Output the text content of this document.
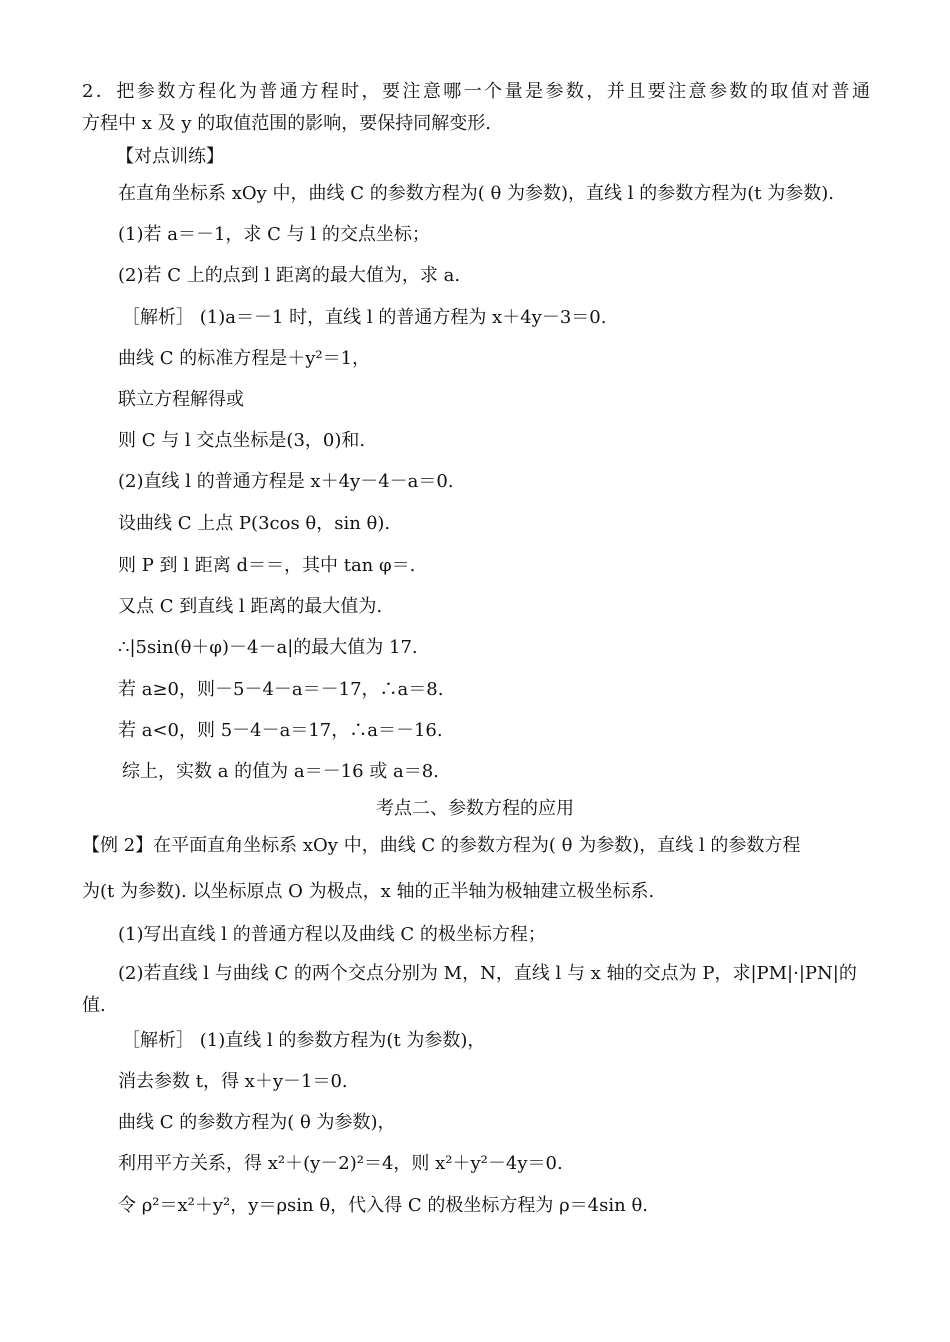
2．把参数方程化为普通方程时，要注意哪一个量是参数，并且要注意参数的取值对普通
方程中 x 及 y 的取值范围的影响，要保持同解变形.
【对点训练】
在直角坐标系 xOy 中，曲线 C 的参数方程为( θ 为参数)，直线 l 的参数方程为(t 为参数).
(1)若 a＝－1，求 C 与 l 的交点坐标；
(2)若 C 上的点到 l 距离的最大值为，求 a.
［解析］ (1)a＝－1 时，直线 l 的普通方程为 x＋4y－3＝0.
曲线 C 的标准方程是＋y²＝1，
联立方程解得或
则 C 与 l 交点坐标是(3，0)和.
(2)直线 l 的普通方程是 x＋4y－4－a＝0.
设曲线 C 上点 P(3cos θ，sin θ).
则 P 到 l 距离 d＝＝，其中 tan φ＝.
又点 C 到直线 l 距离的最大值为.
∴|5sin(θ＋φ)－4－a|的最大值为 17.
若 a≥0，则－5－4－a＝－17，∴a＝8.
若 a<0，则 5－4－a＝17，∴a＝－16.
综上，实数 a 的值为 a＝－16 或 a＝8.
考点二、参数方程的应用
【例 2】在平面直角坐标系 xOy 中，曲线 C 的参数方程为( θ 为参数)，直线 l 的参数方程
为(t 为参数). 以坐标原点 O 为极点，x 轴的正半轴为极轴建立极坐标系.
(1)写出直线 l 的普通方程以及曲线 C 的极坐标方程；
(2)若直线 l 与曲线 C 的两个交点分别为 M，N，直线 l 与 x 轴的交点为 P，求|PM|·|PN|的
值.
［解析］ (1)直线 l 的参数方程为(t 为参数)，
消去参数 t，得 x＋y－1＝0.
曲线 C 的参数方程为( θ 为参数)，
利用平方关系，得 x²＋(y－2)²＝4，则 x²＋y²－4y＝0.
令 ρ²＝x²＋y²，y＝ρsin θ，代入得 C 的极坐标方程为 ρ＝4sin θ.
